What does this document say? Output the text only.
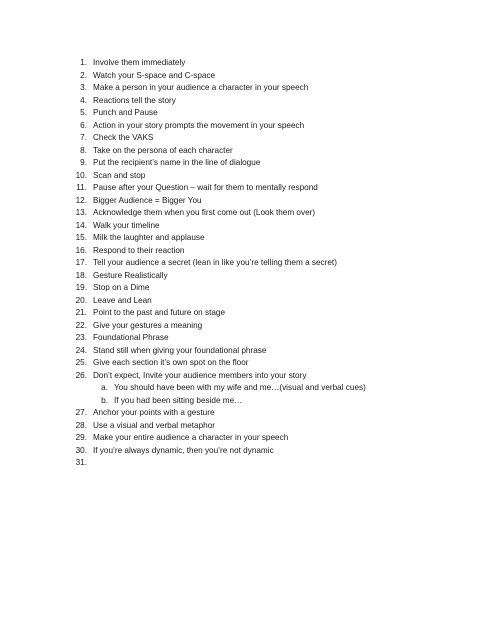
1. Involve them immediately
2. Watch your S-space and C-space
3. Make a person in your audience a character in your speech
4. Reactions tell the story
5. Punch and Pause
6. Action in your story prompts the movement in your speech
7. Check the VAKS
8. Take on the persona of each character
9. Put the recipient’s name in the line of dialogue
10. Scan and stop
11. Pause after your Question – wait for them to mentally respond
12. Bigger Audience = Bigger You
13. Acknowledge them when you first come out (Look them over)
14. Walk your timeline
15. Milk the laughter and applause
16. Respond to their reaction
17. Tell your audience a secret (lean in like you’re telling them a secret)
18. Gesture Realistically
19. Stop on a Dime
20. Leave and Lean
21. Point to the past and future on stage
22. Give your gestures a meaning
23. Foundational Phrase
24. Stand still when giving your foundational phrase
25. Give each section it’s own spot on the floor
26. Don’t expect, Invite your audience members into your story
a. You should have been with my wife and me…(visual and verbal cues)
b. If you had been sitting beside me…
27. Anchor your points with a gesture
28. Use a visual and verbal metaphor
29. Make your entire audience a character in your speech
30. If you’re always dynamic, then you’re not dynamic
31.
